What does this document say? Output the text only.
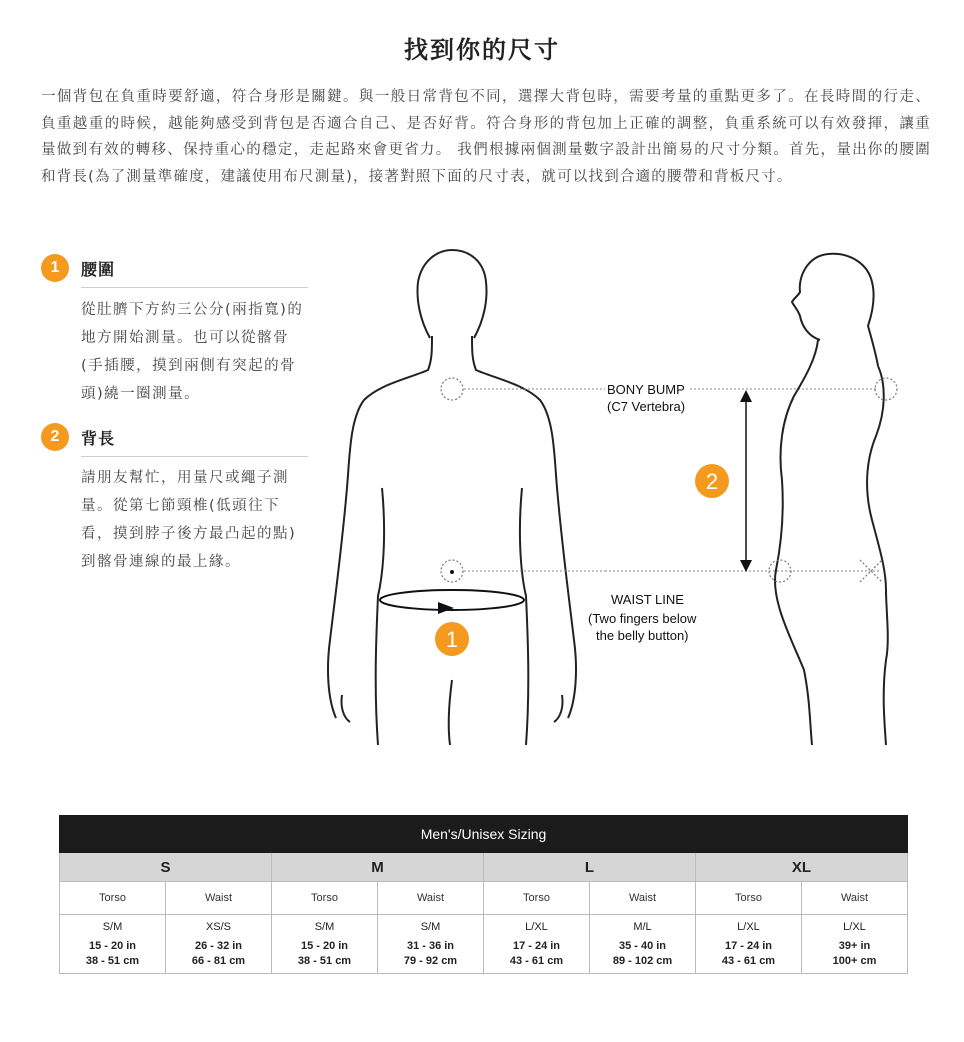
找到你的尺寸
一個背包在負重時要舒適，符合身形是關鍵。與一般日常背包不同，選擇大背包時，需要考量的重點更多了。在長時間的行走、負重越重的時候，越能夠感受到背包是否適合自己、是否好背。符合身形的背包加上正確的調整，負重系統可以有效發揮，讓重量做到有效的轉移、保持重心的穩定，走起路來會更省力。 我們根據兩個測量數字設計出簡易的尺寸分類。首先，量出你的腰圍和背長(為了測量準確度，建議使用布尺測量)，接著對照下面的尺寸表，就可以找到合適的腰帶和背板尺寸。
1	腰圍
從肚臍下方約三公分(兩指寬)的地方開始測量。也可以從髂骨(手插腰，摸到兩側有突起的骨頭)繞一圈測量。
2	背長
請朋友幫忙，用量尺或繩子測量。從第七節頸椎(低頭往下看，摸到脖子後方最凸起的點)到髂骨連線的最上緣。
BONY BUMP
(C7 Vertebra)
WAIST LINE
(Two fingers below
the belly button)
2
1
Men's/Unisex Sizing							
S		M		L		XL	
Torso	Waist	Torso	Waist	Torso	Waist	Torso	Waist

S/M
15 - 20 in
38 - 51 cm	XS/S
26 - 32 in
66 - 81 cm	S/M
15 - 20 in
38 - 51 cm	S/M
31 - 36 in
79 - 92 cm	L/XL
17 - 24 in
43 - 61 cm	M/L
35 - 40 in
89 - 102 cm	L/XL
17 - 24 in
43 - 61 cm	L/XL
39+ in
100+ cm
